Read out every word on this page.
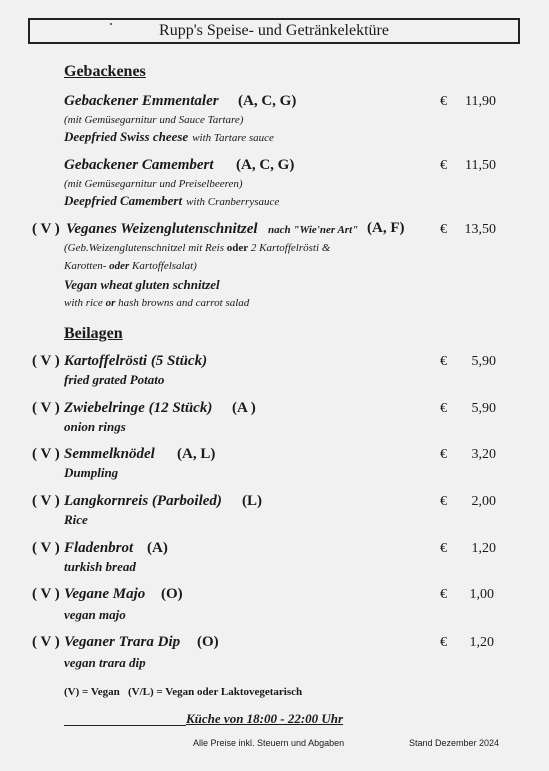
Rupp's Speise- und Getränkelektüre
Gebackenes
Gebackener Emmentaler (A, C, G)	€	11,90
(mit Gemüsegarnitur und Sauce Tartare)
Deepfried Swiss cheese with Tartare sauce
Gebackener Camembert (A, C, G)	€	11,50
(mit Gemüsegarnitur und Preiselbeeren)
Deepfried Camembert with Cranberrysauce
( V ) Veganes Weizenglutenschnitzel nach "Wie'ner Art" (A, F)	€	13,50
(Geb.Weizenglutenschnitzel mit Reis oder 2 Kartoffelrösti &
Karotten- oder Kartoffelsalat)
Vegan wheat gluten schnitzel
with rice or hash browns and carrot salad
Beilagen
( V ) Kartoffelrösti (5 Stück)	€	5,90
fried grated Potato
( V ) Zwiebelringe (12 Stück) (A )	€	5,90
onion rings
( V ) Semmelknödel (A, L)	€	3,20
Dumpling
( V ) Langkornreis (Parboiled) (L)	€	2,00
Rice
( V ) Fladenbrot (A)	€	1,20
turkish bread
( V ) Vegane Majo (O)	€	1,00
vegan majo
( V ) Veganer Trara Dip (O)	€	1,20
vegan trara dip
(V) = Vegan   (V/L) = Vegan oder Laktovegetarisch
Küche von 18:00 - 22:00 Uhr
Alle Preise inkl. Steuern und Abgaben	Stand Dezember 2024
